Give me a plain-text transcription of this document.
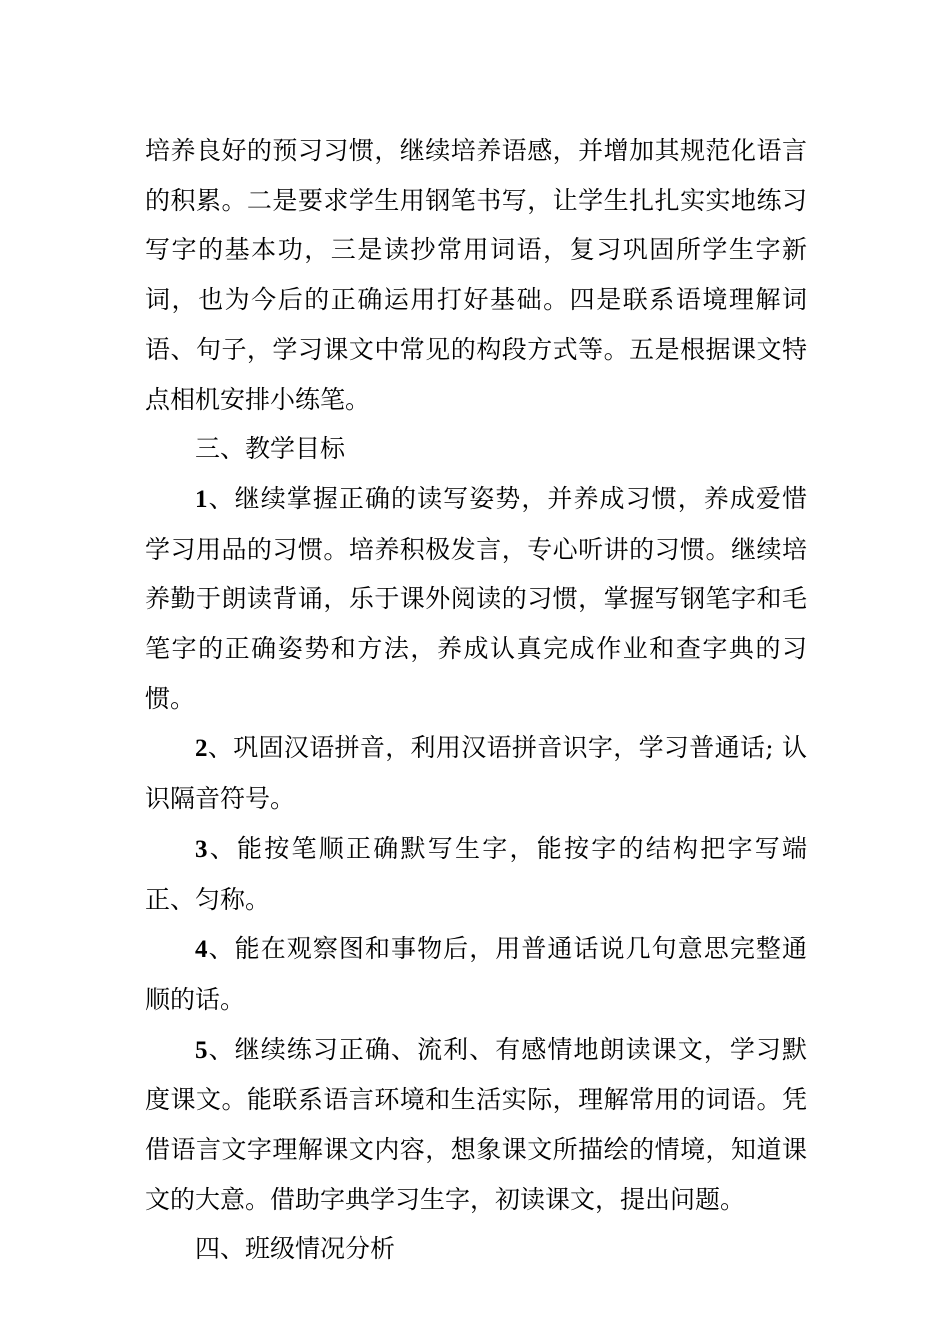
培养良好的预习习惯，继续培养语感，并增加其规范化语言的积累。二是要求学生用钢笔书写，让学生扎扎实实地练习写字的基本功，三是读抄常用词语，复习巩固所学生字新词，也为今后的正确运用打好基础。四是联系语境理解词语、句子，学习课文中常见的构段方式等。五是根据课文特点相机安排小练笔。

三、教学目标

1、继续掌握正确的读写姿势，并养成习惯，养成爱惜学习用品的习惯。培养积极发言，专心听讲的习惯。继续培养勤于朗读背诵，乐于课外阅读的习惯，掌握写钢笔字和毛笔字的正确姿势和方法，养成认真完成作业和查字典的习惯。

2、巩固汉语拼音，利用汉语拼音识字，学习普通话; 认识隔音符号。

3、能按笔顺正确默写生字，能按字的结构把字写端正、匀称。

4、能在观察图和事物后，用普通话说几句意思完整通顺的话。

5、继续练习正确、流利、有感情地朗读课文，学习默度课文。能联系语言环境和生活实际，理解常用的词语。凭借语言文字理解课文内容，想象课文所描绘的情境，知道课文的大意。借助字典学习生字，初读课文，提出问题。

四、班级情况分析
